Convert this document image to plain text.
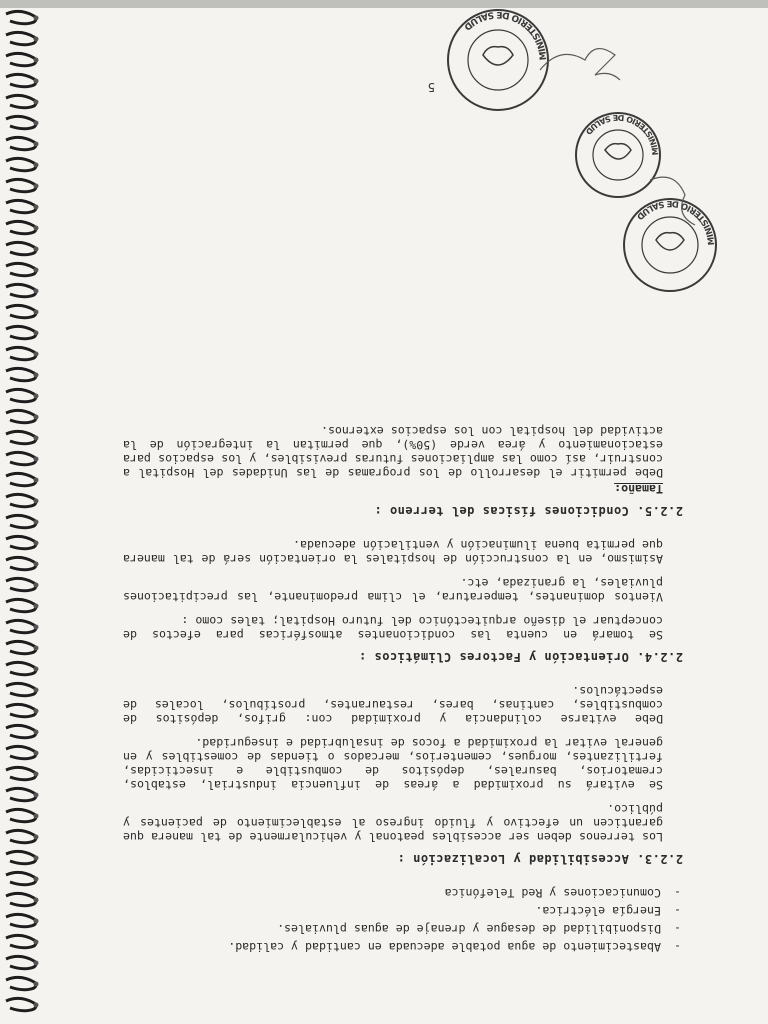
- Abastecimiento de agua potable adecuada en cantidad y calidad.
- Disponibilidad de desague y drenaje de aguas pluviales.
- Energía eléctrica.
- Comunicaciones y Red Telefónica
2.2.3. Accesibilidad y Localización :

Los terrenos deben ser accesibles peatonal y vehicularmente de tal manera que garanticen un efectivo y fluido ingreso al establecimiento de pacientes y público.

Se evitará su proximidad a áreas de influencia industrial, establos, crematorios, basurales, depósitos de combustible e insecticidas, fertilizantes, morgues, cementerios, mercados o tiendas de comestibles y en general evitar la proximidad a focos de insalubridad e inseguridad.

Debe evitarse colindancia y proximidad con: grifos, depósitos de combustibles, cantinas, bares, restaurantes, prostíbulos, locales de espectáculos.

2.2.4. Orientación y Factores Climáticos :

Se tomará en cuenta las condicionantes atmosféricas para efectos de conceptuar el diseño arquitectónico del futuro Hospital; tales como :

Vientos dominantes, temperatura, el clima predominante, las precipitaciones pluviales, la granizada, etc.

Asimismo, en la construcción de hospitales la orientación será de tal manera que permita buena iluminación y ventilación adecuada.

2.2.5. Condiciones físicas del terreno :
Tamaño:

Debe permitir el desarrollo de los programas de las Unidades del Hospital a construir, así como las ampliaciones futuras previsibles, y los espacios para estacionamiento y área verde (50%), que permitan la integración de la actividad del hospital con los espacios externos.

5
MINISTERIO DE SALUD
MINISTERIO DE SALUD
MINISTERIO DE SALUD
